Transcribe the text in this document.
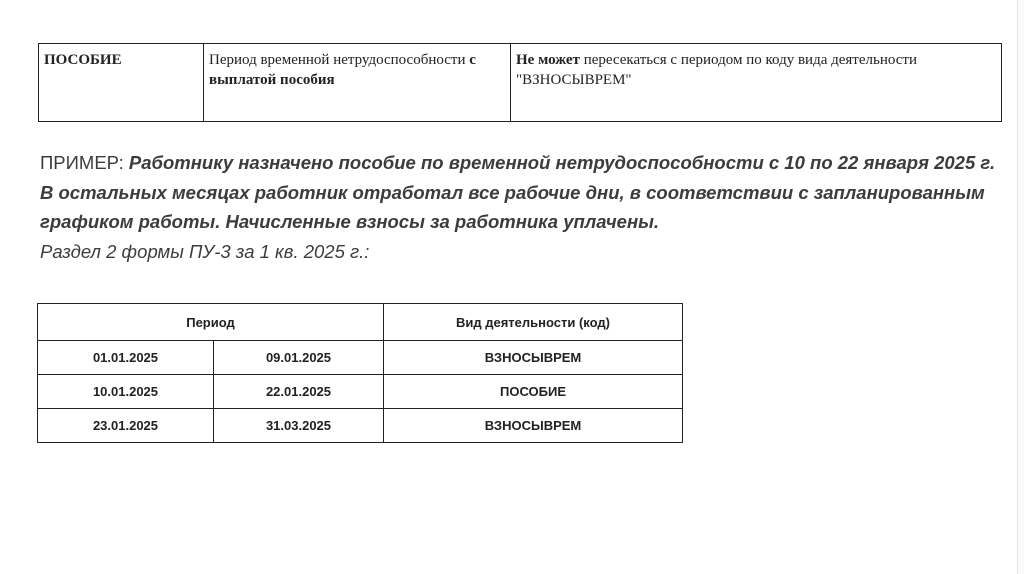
ПОСОБИЕ	Период временной нетрудоспособности с выплатой пособия	Не может пересекаться с периодом по коду вида деятельности "ВЗНОСЫВРЕМ"
ПРИМЕР: Работнику назначено пособие по временной нетрудоспособности с 10 по 22 января 2025 г. В остальных месяцах работник отработал все рабочие дни, в соответствии с запланированным графиком работы. Начисленные взносы за работника уплачены.
Раздел 2 формы ПУ-3 за 1 кв. 2025 г.:
Период		Вид деятельности (код)
01.01.2025	09.01.2025	ВЗНОСЫВРЕМ
10.01.2025	22.01.2025	ПОСОБИЕ
23.01.2025	31.03.2025	ВЗНОСЫВРЕМ
